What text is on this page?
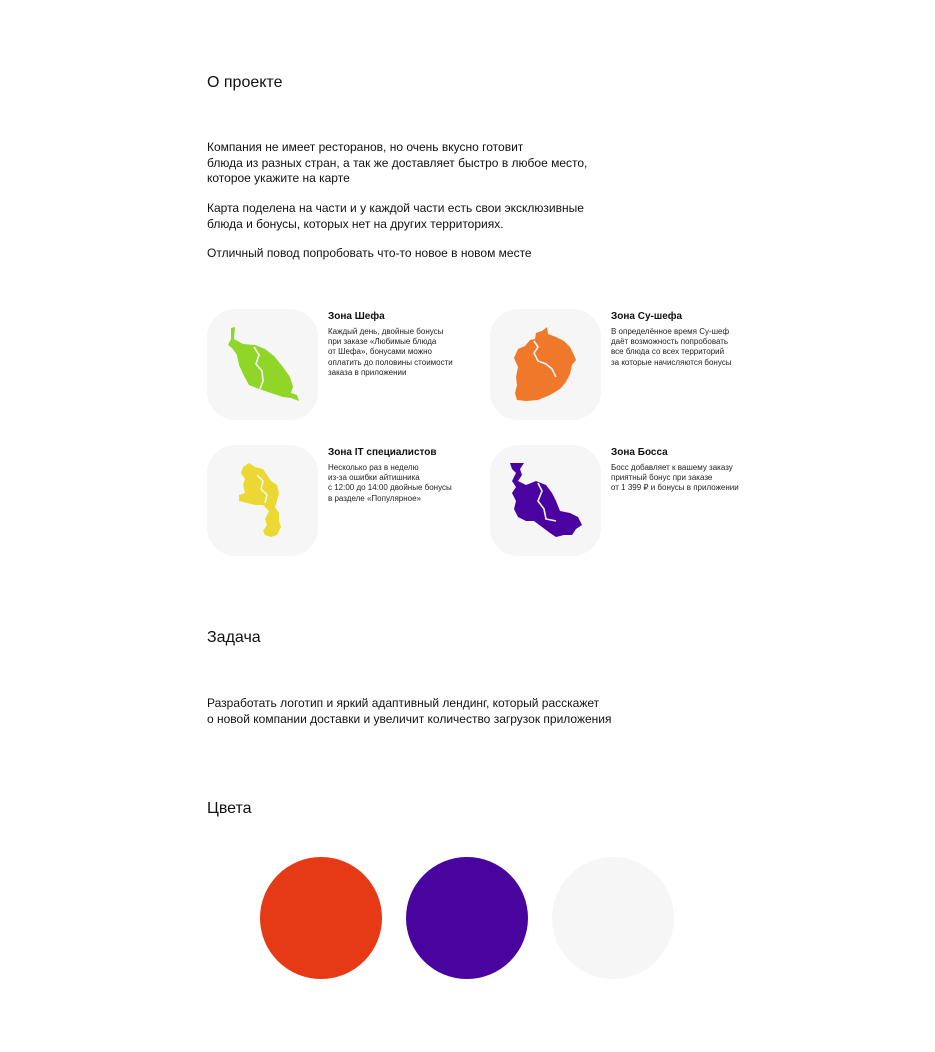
О проекте

Компания не имеет ресторанов, но очень вкусно готовит
блюда из разных стран, а так же доставляет быстро в любое место,
которое укажите на карте

Карта поделена на части и у каждой части есть свои эксклюзивные
блюда и бонусы, которых нет на других территориях.

Отличный повод попробовать что-то новое в новом месте

Зона Шефа
Каждый день, двойные бонусы
при заказе «Любимые блюда
от Шефа», бонусами можно
оплатить до половины стоимости
заказа в приложении
Зона Су-шефа
В определённое время Су-шеф
даёт возможность попробовать
все блюда со всех территорий
за которые начисляются бонусы
Зона IT специалистов
Несколько раз в неделю
из-за ошибки айтишника
с 12:00 до 14:00 двойные бонусы
в разделе «Популярное»
Зона Босса
Босс добавляет к вашему заказу
приятный бонус при заказе
от 1 399 ₽ и бонусы в приложении
Задача

Разработать логотип и яркий адаптивный лендинг, который расскажет
о новой компании доставки и увеличит количество загрузок приложения

Цвета
